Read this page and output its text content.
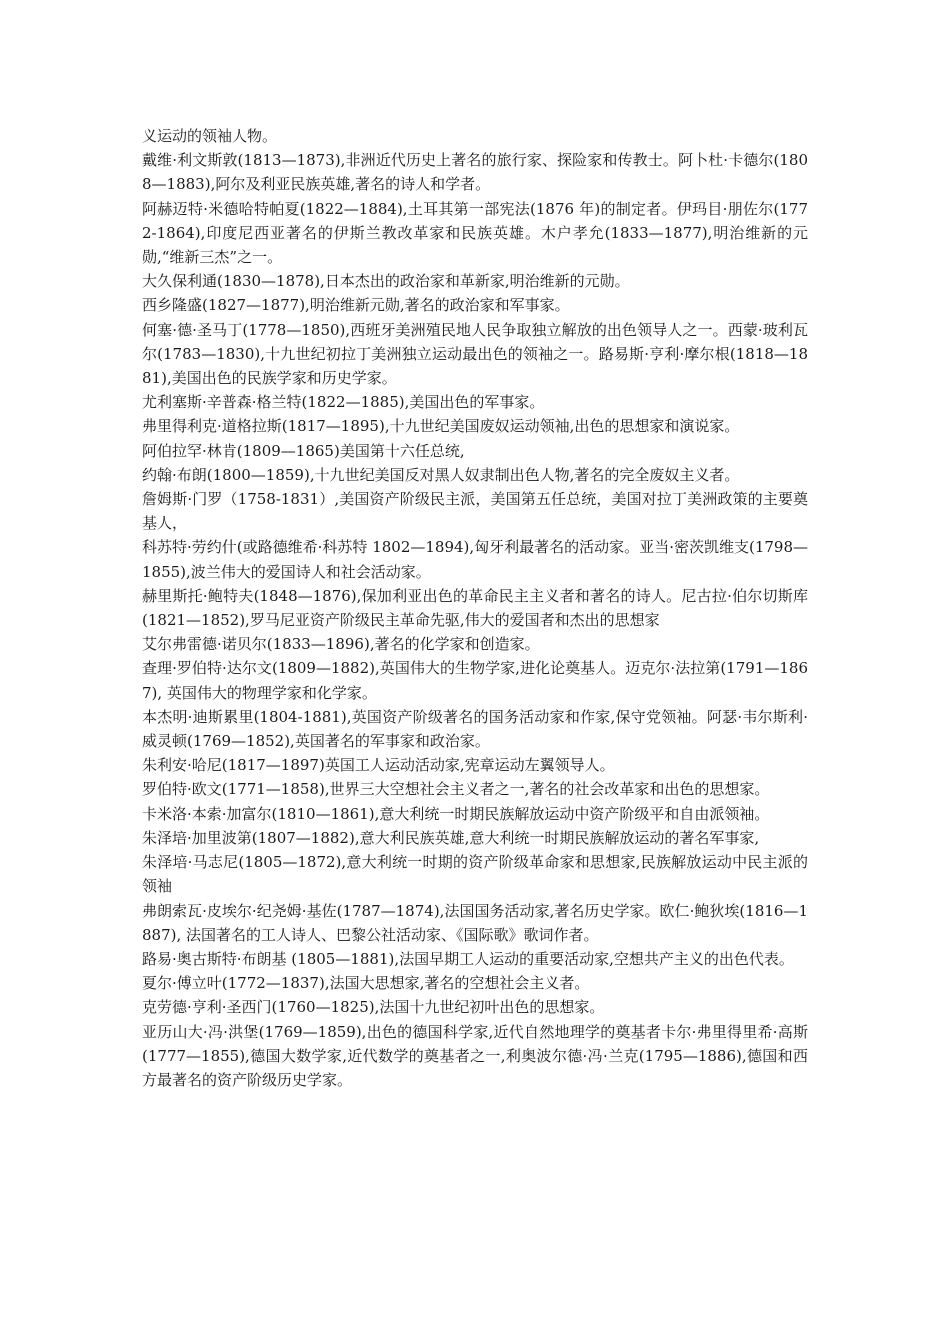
义运动的领袖人物。

戴维·利文斯敦(1813—1873),非洲近代历史上著名的旅行家、探险家和传教士。阿卜杜·卡德尔(1808—1883),阿尔及利亚民族英雄,著名的诗人和学者。

阿赫迈特·米德哈特帕夏(1822—1884),土耳其第一部宪法(1876 年)的制定者。伊玛目·朋佐尔(1772-1864),印度尼西亚著名的伊斯兰教改革家和民族英雄。木户孝允(1833—1877),明治维新的元勋,“维新三杰”之一。

大久保利通(1830—1878),日本杰出的政治家和革新家,明治维新的元勋。

西乡隆盛(1827—1877),明治维新元勋,著名的政治家和军事家。

何塞·德·圣马丁(1778—1850),西班牙美洲殖民地人民争取独立解放的出色领导人之一。西蒙·玻利瓦尔(1783—1830),十九世纪初拉丁美洲独立运动最出色的领袖之一。路易斯·亨利·摩尔根(1818—1881),美国出色的民族学家和历史学家。

尤利塞斯·辛普森·格兰特(1822—1885),美国出色的军事家。

弗里得利克·道格拉斯(1817—1895),十九世纪美国废奴运动领袖,出色的思想家和演说家。

阿伯拉罕·林肯(1809—1865)美国第十六任总统,

约翰·布朗(1800—1859),十九世纪美国反对黑人奴隶制出色人物,著名的完全废奴主义者。

詹姆斯·门罗（1758-1831）,美国资产阶级民主派，美国第五任总统，美国对拉丁美洲政策的主要奠基人，

科苏特·劳约什(或路德维希·科苏特 1802—1894),匈牙利最著名的活动家。亚当·密茨凯维支(1798—1855),波兰伟大的爱国诗人和社会活动家。

赫里斯托·鲍特夫(1848—1876),保加利亚出色的革命民主主义者和著名的诗人。尼古拉·伯尔切斯库(1821—1852),罗马尼亚资产阶级民主革命先驱,伟大的爱国者和杰出的思想家

艾尔弗雷德·诺贝尔(1833—1896),著名的化学家和创造家。

查理·罗伯特·达尔文(1809—1882),英国伟大的生物学家,进化论奠基人。迈克尔·法拉第(1791—1867), 英国伟大的物理学家和化学家。

本杰明·迪斯累里(1804-1881),英国资产阶级著名的国务活动家和作家,保守党领袖。阿瑟·韦尔斯利·威灵顿(1769—1852),英国著名的军事家和政治家。

朱利安·哈尼(1817—1897)英国工人运动活动家,宪章运动左翼领导人。

罗伯特·欧文(1771—1858),世界三大空想社会主义者之一,著名的社会改革家和出色的思想家。

卡米洛·本索·加富尔(1810—1861),意大利统一时期民族解放运动中资产阶级平和自由派领袖。

朱泽培·加里波第(1807—1882),意大利民族英雄,意大利统一时期民族解放运动的著名军事家,

朱泽培·马志尼(1805—1872),意大利统一时期的资产阶级革命家和思想家,民族解放运动中民主派的领袖

弗朗索瓦·皮埃尔·纪尧姆·基佐(1787—1874),法国国务活动家,著名历史学家。欧仁·鲍狄埃(1816—1887), 法国著名的工人诗人、巴黎公社活动家、《国际歌》歌词作者。

路易·奥古斯特·布朗基 (1805—1881),法国早期工人运动的重要活动家,空想共产主义的出色代表。

夏尔·傅立叶(1772—1837),法国大思想家,著名的空想社会主义者。

克劳德·亨利·圣西门(1760—1825),法国十九世纪初叶出色的思想家。

亚历山大·冯·洪堡(1769—1859),出色的德国科学家,近代自然地理学的奠基者卡尔·弗里得里希·高斯(1777—1855),德国大数学家,近代数学的奠基者之一,利奥波尔德·冯·兰克(1795—1886),德国和西方最著名的资产阶级历史学家。
